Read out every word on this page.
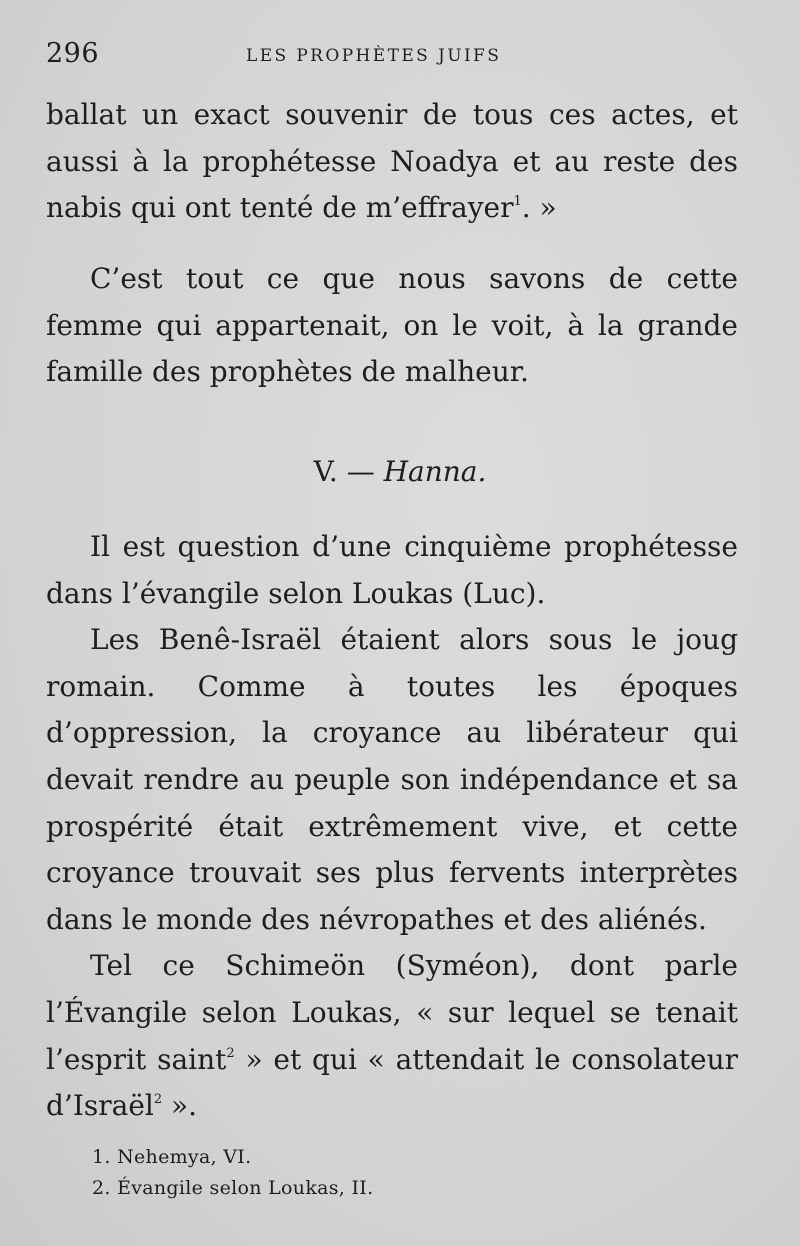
296	LES PROPHÈTES JUIFS

ballat un exact souvenir de tous ces actes, et aussi à la prophétesse Noadya et au reste des nabis qui ont tenté de m’effrayer$^1$. »

C’est tout ce que nous savons de cette femme qui appartenait, on le voit, à la grande famille des prophètes de malheur.

V. — Hanna.

Il est question d’une cinquième prophétesse dans l’évangile selon Loukas (Luc).

Les Benê-Israël étaient alors sous le joug romain. Comme à toutes les époques d’oppression, la croyance au libérateur qui devait rendre au peuple son indépendance et sa prospérité était extrêmement vive, et cette croyance trouvait ses plus fervents interprètes dans le monde des névropathes et des aliénés.

Tel ce Schimeön (Syméon), dont parle l’Évangile selon Loukas, « sur lequel se tenait l’esprit saint$^2$ » et qui « attendait le consolateur d’Israël$^2$ ».

1. Nehemya, VI.
2. Évangile selon Loukas, II.
